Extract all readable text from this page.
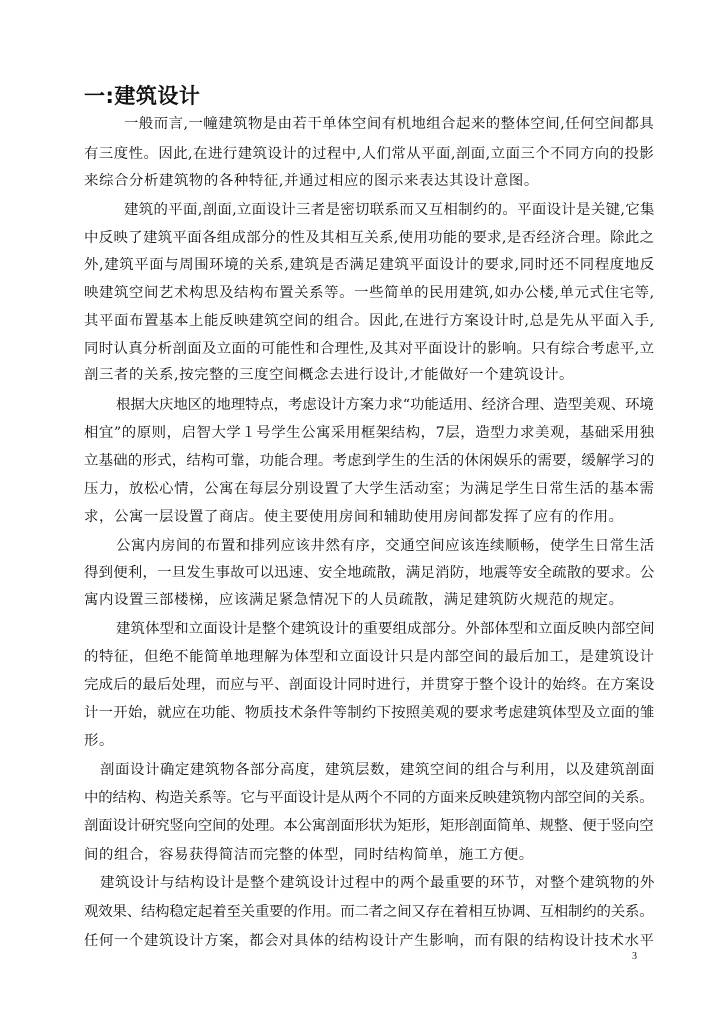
一:建筑设计
一般而言,一幢建筑物是由若干单体空间有机地组合起来的整体空间,任何空间都具
有三度性。因此,在进行建筑设计的过程中,人们常从平面,剖面,立面三个不同方向的投影
来综合分析建筑物的各种特征,并通过相应的图示来表达其设计意图。
建筑的平面,剖面,立面设计三者是密切联系而又互相制约的。平面设计是关键,它集
中反映了建筑平面各组成部分的性及其相互关系,使用功能的要求,是否经济合理。除此之
外,建筑平面与周围环境的关系,建筑是否满足建筑平面设计的要求,同时还不同程度地反
映建筑空间艺术构思及结构布置关系等。一些简单的民用建筑,如办公楼,单元式住宅等,
其平面布置基本上能反映建筑空间的组合。因此,在进行方案设计时,总是先从平面入手,
同时认真分析剖面及立面的可能性和合理性,及其对平面设计的影响。只有综合考虑平,立
剖三者的关系,按完整的三度空间概念去进行设计,才能做好一个建筑设计。
根据大庆地区的地理特点，考虑设计方案力求“功能适用、经济合理、造型美观、环境
相宜”的原则，启智大学１号学生公寓采用框架结构，7层，造型力求美观，基础采用独
立基础的形式，结构可靠，功能合理。考虑到学生的生活的休闲娱乐的需要，缓解学习的
压力，放松心情，公寓在每层分别设置了大学生活动室；为满足学生日常生活的基本需
求，公寓一层设置了商店。使主要使用房间和辅助使用房间都发挥了应有的作用。
公寓内房间的布置和排列应该井然有序，交通空间应该连续顺畅，使学生日常生活
得到便利，一旦发生事故可以迅速、安全地疏散，满足消防，地震等安全疏散的要求。公
寓内设置三部楼梯，应该满足紧急情况下的人员疏散，满足建筑防火规范的规定。
建筑体型和立面设计是整个建筑设计的重要组成部分。外部体型和立面反映内部空间
的特征，但绝不能简单地理解为体型和立面设计只是内部空间的最后加工，是建筑设计
完成后的最后处理，而应与平、剖面设计同时进行，并贯穿于整个设计的始终。在方案设
计一开始，就应在功能、物质技术条件等制约下按照美观的要求考虑建筑体型及立面的雏
形。
剖面设计确定建筑物各部分高度，建筑层数，建筑空间的组合与利用，以及建筑剖面
中的结构、构造关系等。它与平面设计是从两个不同的方面来反映建筑物内部空间的关系。
剖面设计研究竖向空间的处理。本公寓剖面形状为矩形，矩形剖面简单、规整、便于竖向空
间的组合，容易获得简洁而完整的体型，同时结构简单，施工方便。
建筑设计与结构设计是整个建筑设计过程中的两个最重要的环节，对整个建筑物的外
观效果、结构稳定起着至关重要的作用。而二者之间又存在着相互协调、互相制约的关系。
任何一个建筑设计方案，都会对具体的结构设计产生影响，而有限的结构设计技术水平
3
